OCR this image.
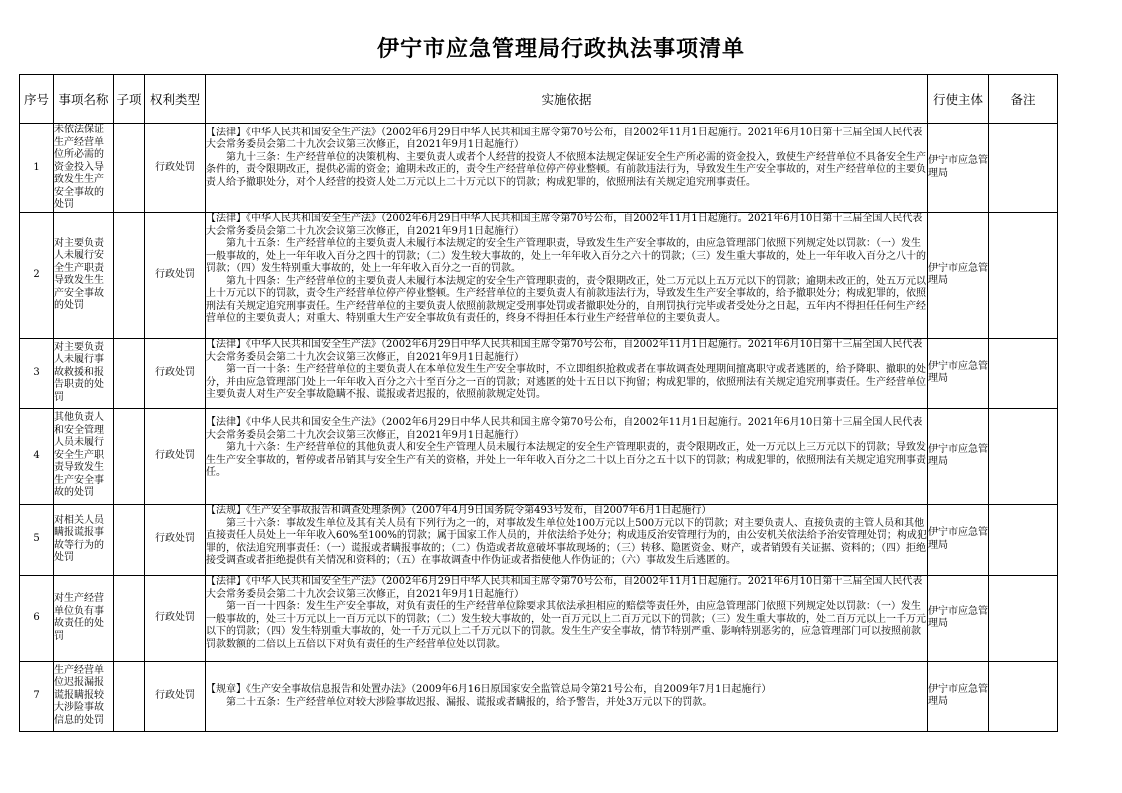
伊宁市应急管理局行政执法事项清单
序号	事项名称	子项	权利类型	实施依据	行使主体	备注
1	未依法保证生产经营单位所必需的资金投入导致发生生产安全事故的处罚		行政处罚	【法律】《中华人民共和国安全生产法》（2002年6月29日中华人民共和国主席令第70号公布，自2002年11月1日起施行。2021年6月10日第十三届全国人民代表大会常务委员会第二十九次会议第三次修正，自2021年9月1日起施行）
第九十三条：生产经营单位的决策机构、主要负责人或者个人经营的投资人不依照本法规定保证安全生产所必需的资金投入，致使生产经营单位不具备安全生产条件的，责令限期改正，提供必需的资金；逾期未改正的，责令生产经营单位停产停业整顿。有前款违法行为，导致发生生产安全事故的，对生产经营单位的主要负责人给予撤职处分，对个人经营的投资人处二万元以上二十万元以下的罚款；构成犯罪的，依照刑法有关规定追究刑事责任。	伊宁市应急管理局	
2	对主要负责人未履行安全生产职责导致发生生产安全事故的处罚		行政处罚	【法律】《中华人民共和国安全生产法》（2002年6月29日中华人民共和国主席令第70号公布，自2002年11月1日起施行。2021年6月10日第十三届全国人民代表大会常务委员会第二十九次会议第三次修正，自2021年9月1日起施行）
第九十五条：生产经营单位的主要负责人未履行本法规定的安全生产管理职责，导致发生生产安全事故的，由应急管理部门依照下列规定处以罚款：（一）发生一般事故的，处上一年年收入百分之四十的罚款；（二）发生较大事故的，处上一年年收入百分之六十的罚款；（三）发生重大事故的，处上一年年收入百分之八十的罚款；（四）发生特别重大事故的，处上一年年收入百分之一百的罚款。
第九十四条：生产经营单位的主要负责人未履行本法规定的安全生产管理职责的，责令限期改正，处二万元以上五万元以下的罚款；逾期未改正的，处五万元以上十万元以下的罚款，责令生产经营单位停产停业整顿。生产经营单位的主要负责人有前款违法行为，导致发生生产安全事故的，给予撤职处分；构成犯罪的，依照刑法有关规定追究刑事责任。生产经营单位的主要负责人依照前款规定受刑事处罚或者撤职处分的，自刑罚执行完毕或者受处分之日起，五年内不得担任任何生产经营单位的主要负责人；对重大、特别重大生产安全事故负有责任的，终身不得担任本行业生产经营单位的主要负责人。	伊宁市应急管理局	
3	对主要负责人未履行事故救援和报告职责的处罚		行政处罚	【法律】《中华人民共和国安全生产法》（2002年6月29日中华人民共和国主席令第70号公布，自2002年11月1日起施行。2021年6月10日第十三届全国人民代表大会常务委员会第二十九次会议第三次修正，自2021年9月1日起施行）
第一百一十条：生产经营单位的主要负责人在本单位发生生产安全事故时，不立即组织抢救或者在事故调查处理期间擅离职守或者逃匿的，给予降职、撤职的处分，并由应急管理部门处上一年年收入百分之六十至百分之一百的罚款；对逃匿的处十五日以下拘留；构成犯罪的，依照刑法有关规定追究刑事责任。生产经营单位主要负责人对生产安全事故隐瞒不报、谎报或者迟报的，依照前款规定处罚。	伊宁市应急管理局	
4	其他负责人和安全管理人员未履行安全生产职责导致发生生产安全事故的处罚		行政处罚	【法律】《中华人民共和国安全生产法》（2002年6月29日中华人民共和国主席令第70号公布，自2002年11月1日起施行。2021年6月10日第十三届全国人民代表大会常务委员会第二十九次会议第三次修正，自2021年9月1日起施行）
第九十六条：生产经营单位的其他负责人和安全生产管理人员未履行本法规定的安全生产管理职责的，责令限期改正，处一万元以上三万元以下的罚款；导致发生生产安全事故的，暂停或者吊销其与安全生产有关的资格，并处上一年年收入百分之二十以上百分之五十以下的罚款；构成犯罪的，依照刑法有关规定追究刑事责任。	伊宁市应急管理局	
5	对相关人员瞒报谎报事故等行为的处罚		行政处罚	【法规】《生产安全事故报告和调查处理条例》（2007年4月9日国务院令第493号发布，自2007年6月1日起施行）
第三十六条：事故发生单位及其有关人员有下列行为之一的，对事故发生单位处100万元以上500万元以下的罚款；对主要负责人、直接负责的主管人员和其他直接责任人员处上一年年收入60%至100%的罚款；属于国家工作人员的，并依法给予处分；构成违反治安管理行为的，由公安机关依法给予治安管理处罚；构成犯罪的，依法追究刑事责任：（一）谎报或者瞒报事故的；（二）伪造或者故意破坏事故现场的；（三）转移、隐匿资金、财产，或者销毁有关证据、资料的；（四）拒绝接受调查或者拒绝提供有关情况和资料的；（五）在事故调查中作伪证或者指使他人作伪证的；（六）事故发生后逃匿的。	伊宁市应急管理局	
6	对生产经营单位负有事故责任的处罚		行政处罚	【法律】《中华人民共和国安全生产法》（2002年6月29日中华人民共和国主席令第70号公布，自2002年11月1日起施行。2021年6月10日第十三届全国人民代表大会常务委员会第二十九次会议第三次修正，自2021年9月1日起施行）
第一百一十四条：发生生产安全事故，对负有责任的生产经营单位除要求其依法承担相应的赔偿等责任外，由应急管理部门依照下列规定处以罚款：（一）发生一般事故的，处三十万元以上一百万元以下的罚款；（二）发生较大事故的，处一百万元以上二百万元以下的罚款；（三）发生重大事故的，处二百万元以上一千万元以下的罚款；（四）发生特别重大事故的，处一千万元以上二千万元以下的罚款。发生生产安全事故，情节特别严重、影响特别恶劣的，应急管理部门可以按照前款罚款数额的二倍以上五倍以下对负有责任的生产经营单位处以罚款。	伊宁市应急管理局	
7	生产经营单位迟报漏报谎报瞒报较大涉险事故信息的处罚		行政处罚	【规章】《生产安全事故信息报告和处置办法》（2009年6月16日原国家安全监管总局令第21号公布，自2009年7月1日起施行）
第二十五条：生产经营单位对较大涉险事故迟报、漏报、谎报或者瞒报的，给予警告，并处3万元以下的罚款。	伊宁市应急管理局	
